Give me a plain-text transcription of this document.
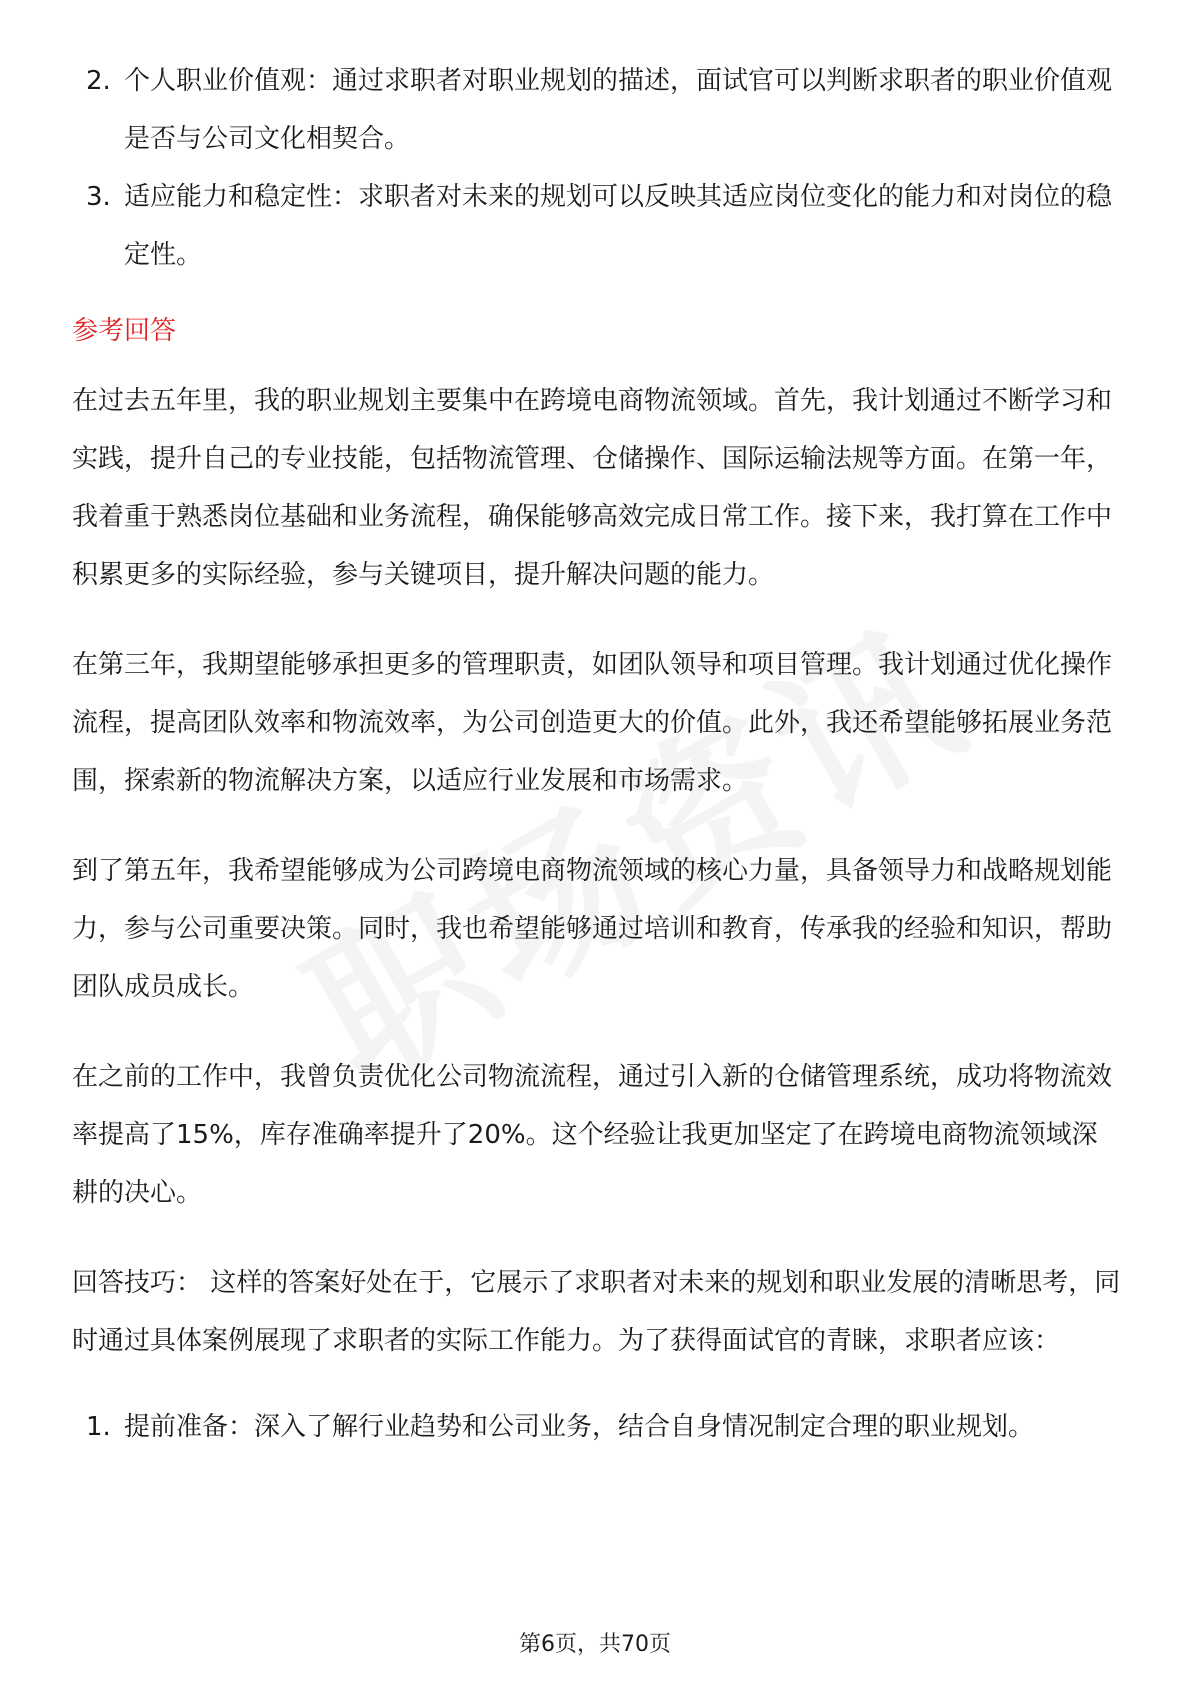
2. 个人职业价值观：通过求职者对职业规划的描述，面试官可以判断求职者的职业价值观是否与公司文化相契合。
3. 适应能力和稳定性：求职者对未来的规划可以反映其适应岗位变化的能力和对岗位的稳定性。
参考回答

在过去五年里，我的职业规划主要集中在跨境电商物流领域。首先，我计划通过不断学习和实践，提升自己的专业技能，包括物流管理、仓储操作、国际运输法规等方面。在第一年，我着重于熟悉岗位基础和业务流程，确保能够高效完成日常工作。接下来，我打算在工作中积累更多的实际经验，参与关键项目，提升解决问题的能力。

在第三年，我期望能够承担更多的管理职责，如团队领导和项目管理。我计划通过优化操作流程，提高团队效率和物流效率，为公司创造更大的价值。此外，我还希望能够拓展业务范围，探索新的物流解决方案，以适应行业发展和市场需求。

到了第五年，我希望能够成为公司跨境电商物流领域的核心力量，具备领导力和战略规划能力，参与公司重要决策。同时，我也希望能够通过培训和教育，传承我的经验和知识，帮助团队成员成长。

在之前的工作中，我曾负责优化公司物流流程，通过引入新的仓储管理系统，成功将物流效率提高了15%，库存准确率提升了20%。这个经验让我更加坚定了在跨境电商物流领域深耕的决心。

回答技巧： 这样的答案好处在于，它展示了求职者对未来的规划和职业发展的清晰思考，同时通过具体案例展现了求职者的实际工作能力。为了获得面试官的青睐，求职者应该：

1. 提前准备：深入了解行业趋势和公司业务，结合自身情况制定合理的职业规划。
第6页，共70页
